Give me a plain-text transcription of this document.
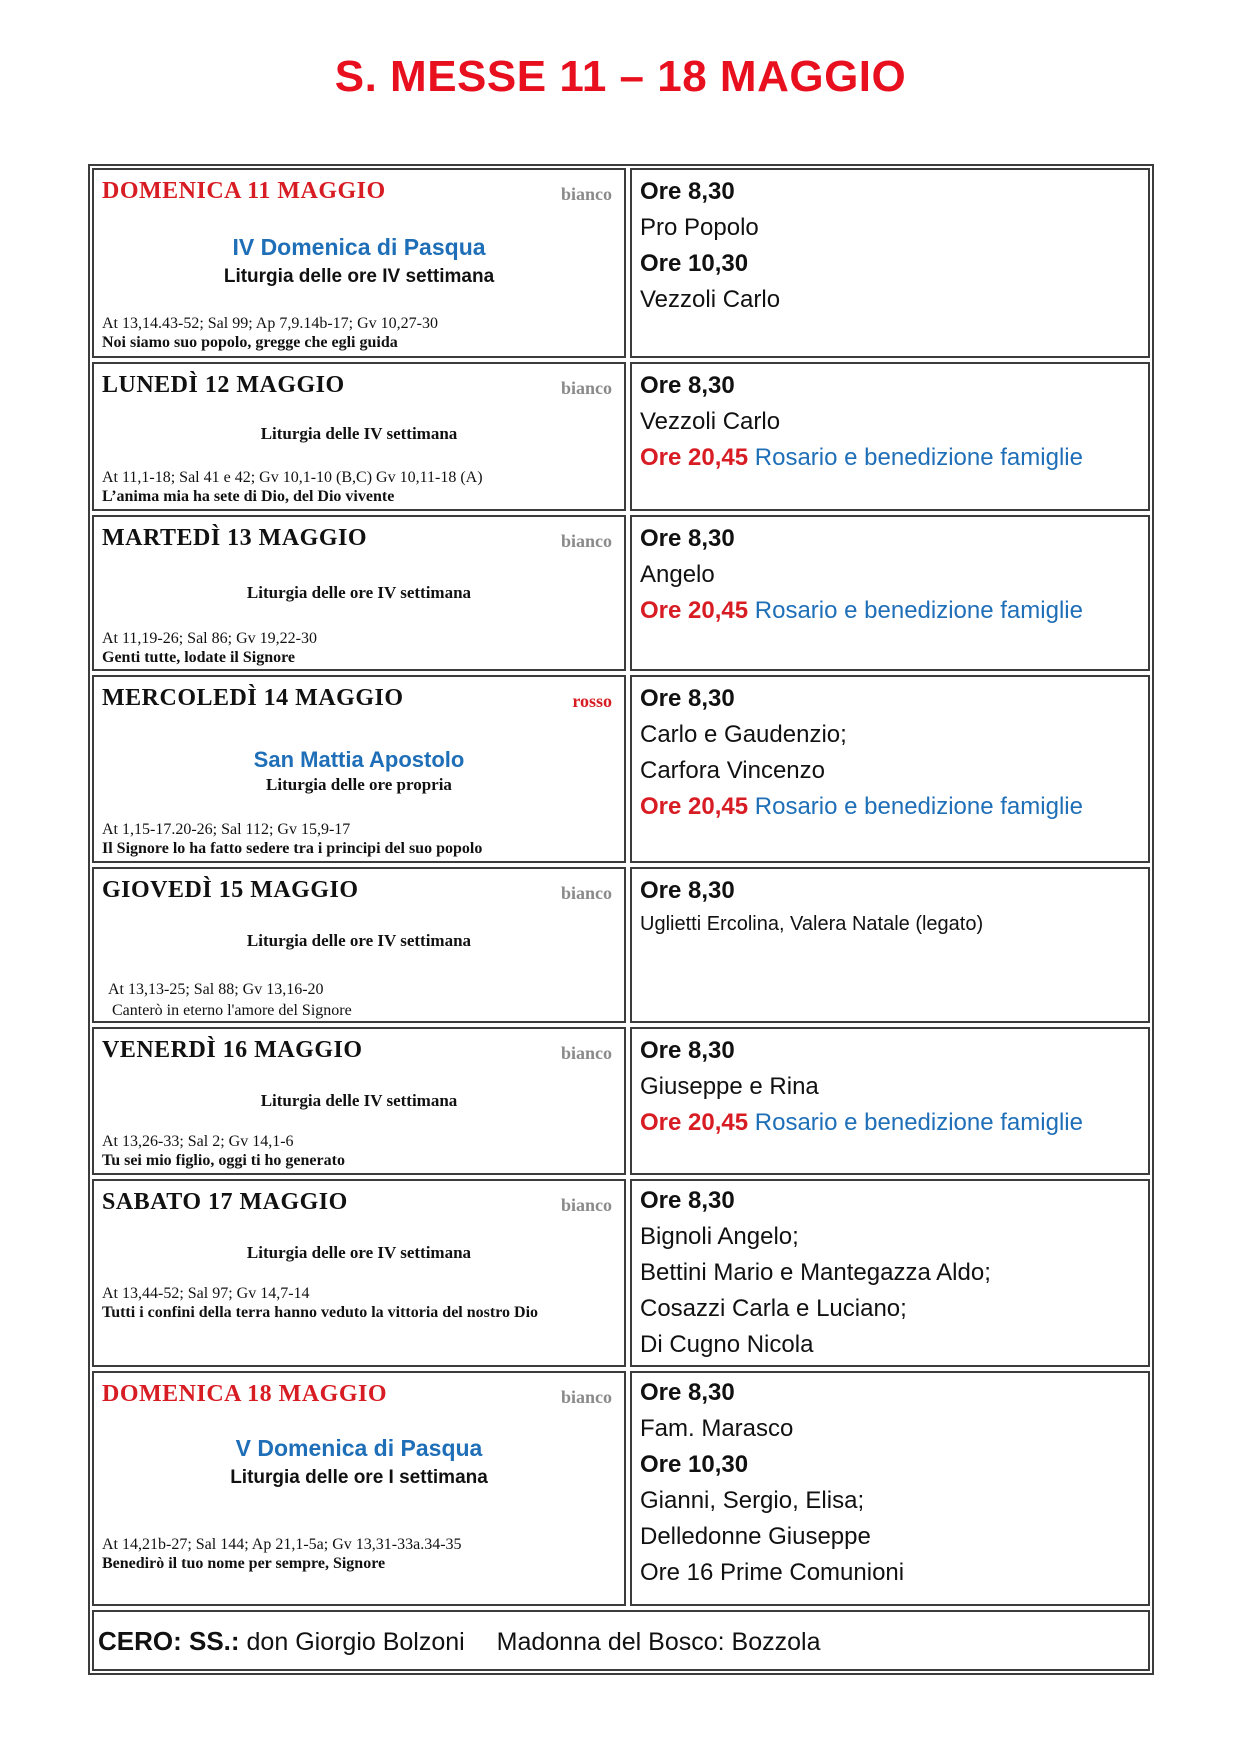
S. MESSE 11 – 18 MAGGIO
DOMENICA 11 MAGGIO	bianco
IV Domenica di Pasqua
Liturgia delle ore IV settimana
At 13,14.43-52; Sal 99; Ap 7,9.14b-17; Gv 10,27-30
Noi siamo suo popolo, gregge che egli guida
Ore 8,30
Pro Popolo
Ore 10,30
Vezzoli Carlo
LUNEDÌ 12 MAGGIO	bianco
Liturgia delle IV settimana
At 11,1-18; Sal 41 e 42; Gv 10,1-10 (B,C) Gv 10,11-18 (A)
L’anima mia ha sete di Dio, del Dio vivente
Ore 8,30
Vezzoli Carlo
Ore 20,45 Rosario e benedizione famiglie
MARTEDÌ 13 MAGGIO	bianco
Liturgia delle ore IV settimana
At 11,19-26; Sal 86; Gv 19,22-30
Genti tutte, lodate il Signore
Ore 8,30
Angelo
Ore 20,45 Rosario e benedizione famiglie
MERCOLEDÌ 14 MAGGIO	rosso
San Mattia Apostolo
Liturgia delle ore propria
At 1,15-17.20-26; Sal 112; Gv 15,9-17
Il Signore lo ha fatto sedere tra i principi del suo popolo
Ore 8,30
Carlo e Gaudenzio;
Carfora Vincenzo
Ore 20,45 Rosario e benedizione famiglie
GIOVEDÌ 15 MAGGIO	bianco
Liturgia delle ore IV settimana
At 13,13-25; Sal 88; Gv 13,16-20
Canterò in eterno l'amore del Signore
Ore 8,30
Uglietti Ercolina, Valera Natale (legato)
VENERDÌ 16 MAGGIO	bianco
Liturgia delle IV settimana
At 13,26-33; Sal 2; Gv 14,1-6
Tu sei mio figlio, oggi ti ho generato
Ore 8,30
Giuseppe e Rina
Ore 20,45 Rosario e benedizione famiglie
SABATO 17 MAGGIO	bianco
Liturgia delle ore IV settimana
At 13,44-52; Sal 97; Gv 14,7-14
Tutti i confini della terra hanno veduto la vittoria del nostro Dio
Ore 8,30
Bignoli Angelo;
Bettini Mario e Mantegazza Aldo;
Cosazzi Carla e Luciano;
Di Cugno Nicola
DOMENICA 18 MAGGIO	bianco
V Domenica di Pasqua
Liturgia delle ore I settimana
At 14,21b-27; Sal 144; Ap 21,1-5a; Gv 13,31-33a.34-35
Benedirò il tuo nome per sempre, Signore
Ore 8,30
Fam. Marasco
Ore 10,30
Gianni, Sergio, Elisa;
Delledonne Giuseppe
Ore 16 Prime Comunioni
CERO: SS.: don Giorgio Bolzoni Madonna del Bosco: Bozzola
